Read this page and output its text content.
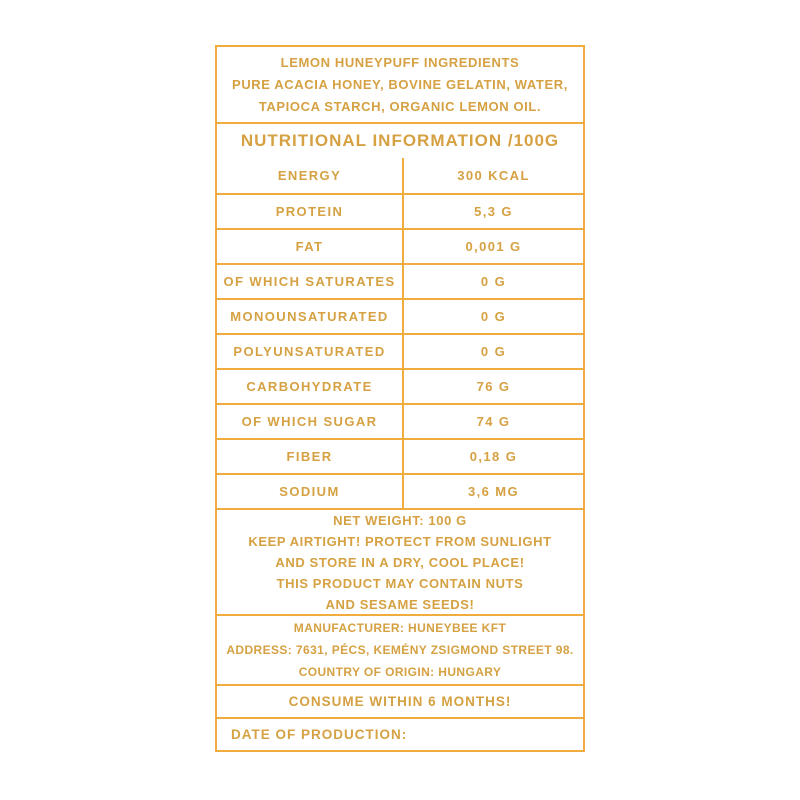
LEMON HUNEYPUFF INGREDIENTS
PURE ACACIA HONEY, BOVINE GELATIN, WATER,
TAPIOCA STARCH, ORGANIC LEMON OIL.
NUTRITIONAL INFORMATION /100G
ENERGY	300 KCAL
PROTEIN	5,3 G
FAT	0,001 G
OF WHICH SATURATES	0 G
MONOUNSATURATED	0 G
POLYUNSATURATED	0 G
CARBOHYDRATE	76 G
OF WHICH SUGAR	74 G
FIBER	0,18 G
SODIUM	3,6 MG
NET WEIGHT: 100 G
KEEP AIRTIGHT! PROTECT FROM SUNLIGHT
AND STORE IN A DRY, COOL PLACE!
THIS PRODUCT MAY CONTAIN NUTS
AND SESAME SEEDS!
MANUFACTURER: HUNEYBEE KFT
ADDRESS: 7631, PÉCS, KEMÉNY ZSIGMOND STREET 98.
COUNTRY OF ORIGIN: HUNGARY
CONSUME WITHIN 6 MONTHS!
DATE OF PRODUCTION:
